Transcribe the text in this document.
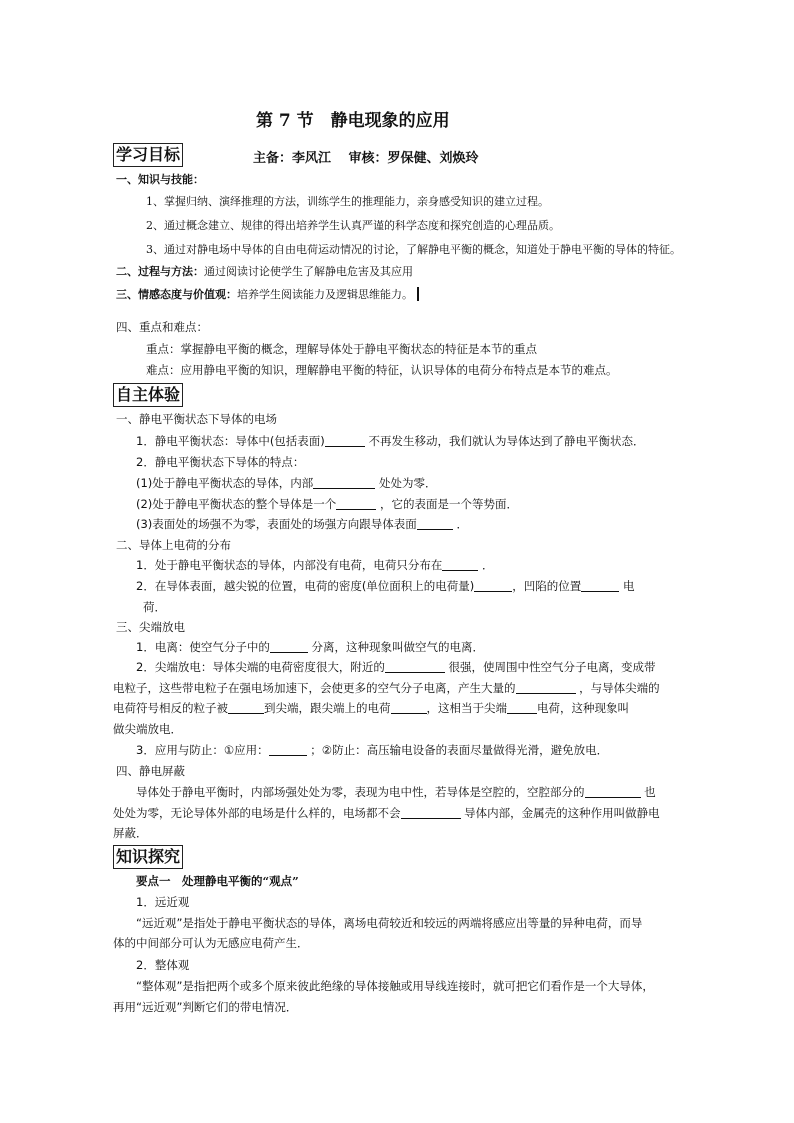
第 7 节　静电现象的应用
学习目标	主备：李风江　 审核：罗保健、刘焕玲
一、知识与技能：
1、掌握归纳、演绎推理的方法，训练学生的推理能力，亲身感受知识的建立过程。
2、通过概念建立、规律的得出培养学生认真严谨的科学态度和探究创造的心理品质。
3、通过对静电场中导体的自由电荷运动情况的讨论，了解静电平衡的概念，知道处于静电平衡的导体的特征。
二、过程与方法：通过阅读讨论使学生了解静电危害及其应用
三、情感态度与价值观：培养学生阅读能力及逻辑思维能力。
四、重点和难点：
重点：掌握静电平衡的概念，理解导体处于静电平衡状态的特征是本节的重点
难点：应用静电平衡的知识，理解静电平衡的特征，认识导体的电荷分布特点是本节的难点。
自主体验
一、静电平衡状态下导体的电场
1．静电平衡状态：导体中(包括表面)	不再发生移动，我们就认为导体达到了静电平衡状态．
2．静电平衡状态下导体的特点：
(1)处于静电平衡状态的导体，内部	处处为零．
(2)处于静电平衡状态的整个导体是一个	，它的表面是一个等势面．
(3)表面处的场强不为零，表面处的场强方向跟导体表面	．
二、导体上电荷的分布
1．处于静电平衡状态的导体，内部没有电荷，电荷只分布在	．
2．在导体表面，越尖锐的位置，电荷的密度(单位面积上的电荷量)	，凹陷的位置	电
荷．
三、尖端放电
1．电离：使空气分子中的	分离，这种现象叫做空气的电离．
2．尖端放电：导体尖端的电荷密度很大，附近的	很强，使周围中性空气分子电离，变成带
电粒子，这些带电粒子在强电场加速下，会使更多的空气分子电离，产生大量的	，与导体尖端的
电荷符号相反的粒子被	到尖端，跟尖端上的电荷	，这相当于尖端	电荷，这种现象叫
做尖端放电．
3．应用与防止：①应用：	；②防止：高压输电设备的表面尽量做得光滑，避免放电．
四、静电屏蔽
导体处于静电平衡时，内部场强处处为零，表现为电中性，若导体是空腔的，空腔部分的	也
处处为零，无论导体外部的电场是什么样的，电场都不会	导体内部，金属壳的这种作用叫做静电
屏蔽．
知识探究
要点一　处理静电平衡的“观点”
1．远近观
“远近观”是指处于静电平衡状态的导体，离场电荷较近和较远的两端将感应出等量的异种电荷，而导
体的中间部分可认为无感应电荷产生．
2．整体观
“整体观”是指把两个或多个原来彼此绝缘的导体接触或用导线连接时，就可把它们看作是一个大导体，
再用“远近观”判断它们的带电情况．
